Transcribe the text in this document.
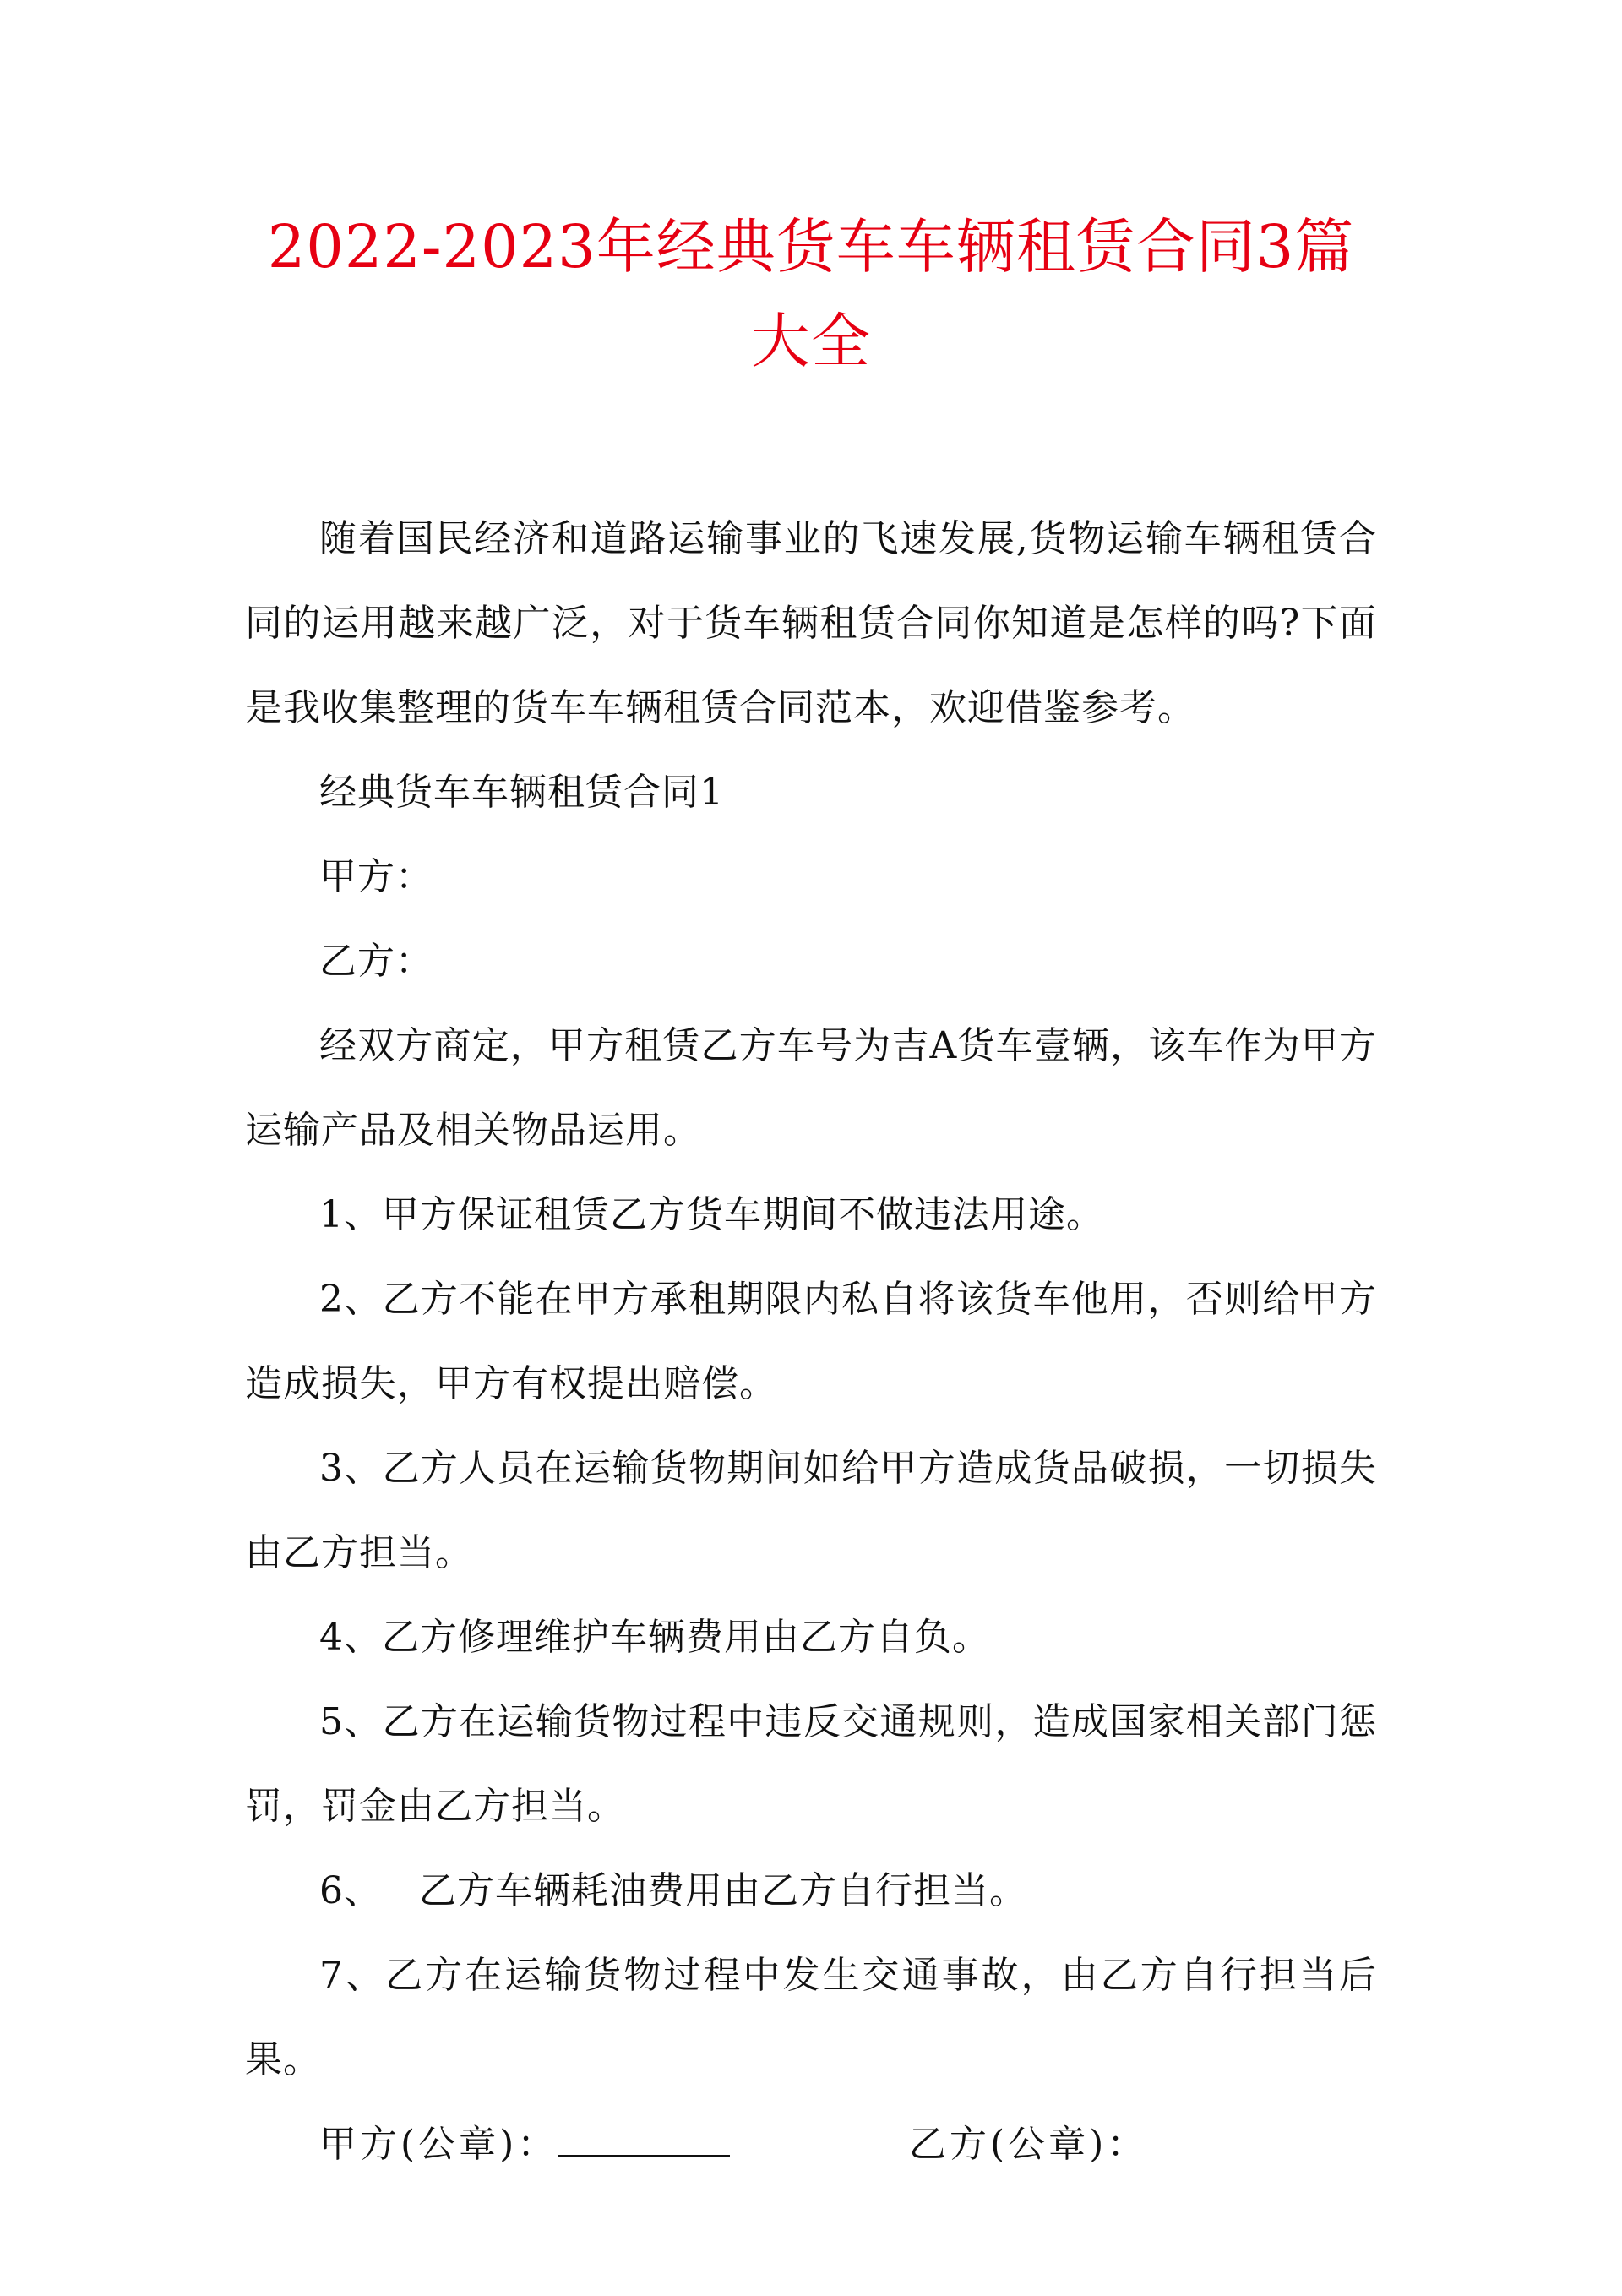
2022-2023年经典货车车辆租赁合同3篇大全

随着国民经济和道路运输事业的飞速发展,货物运输车辆租赁合同的运用越来越广泛，对于货车辆租赁合同你知道是怎样的吗?下面是我收集整理的货车车辆租赁合同范本，欢迎借鉴参考。

经典货车车辆租赁合同1

甲方：

乙方：

经双方商定，甲方租赁乙方车号为吉A货车壹辆，该车作为甲方运输产品及相关物品运用。

1、甲方保证租赁乙方货车期间不做违法用途。

2、乙方不能在甲方承租期限内私自将该货车他用，否则给甲方造成损失，甲方有权提出赔偿。

3、乙方人员在运输货物期间如给甲方造成货品破损，一切损失由乙方担当。

4、乙方修理维护车辆费用由乙方自负。

5、乙方在运输货物过程中违反交通规则，造成国家相关部门惩罚，罚金由乙方担当。

6、 乙方车辆耗油费用由乙方自行担当。

7、乙方在运输货物过程中发生交通事故，由乙方自行担当后果。

甲方(公章)：	乙方(公章)：
